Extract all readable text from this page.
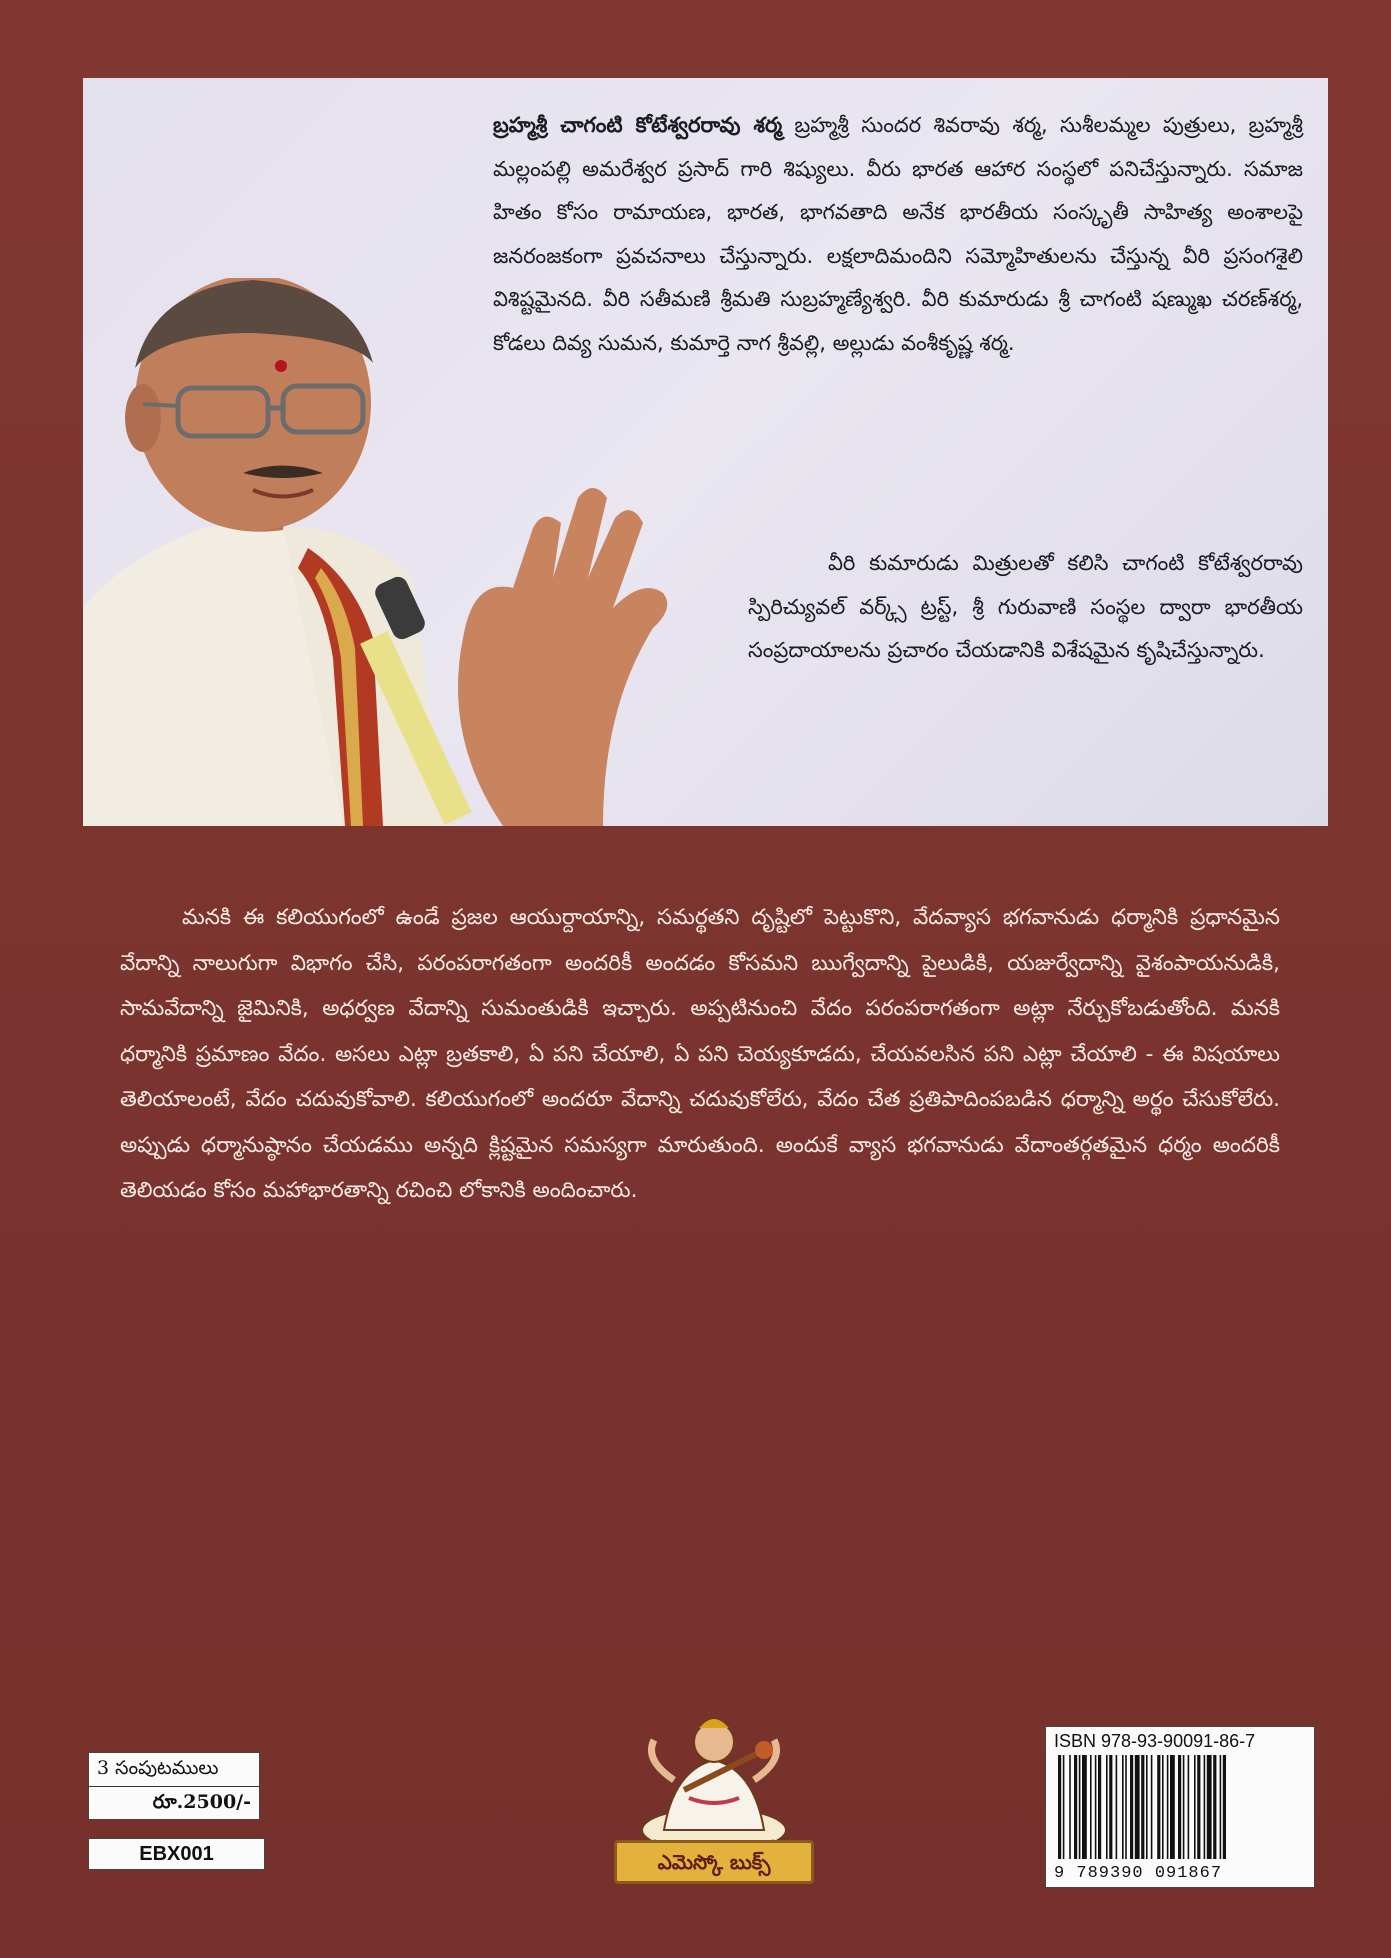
బ్రహ్మశ్రీ చాగంటి కోటేశ్వరరావు శర్మ బ్రహ్మశ్రీ సుందర శివరావు శర్మ, సుశీలమ్మల పుత్రులు, బ్రహ్మశ్రీ మల్లంపల్లి అమరేశ్వర ప్రసాద్ గారి శిష్యులు. వీరు భారత ఆహార సంస్థలో పనిచేస్తున్నారు. సమాజ హితం కోసం రామాయణ, భారత, భాగవతాది అనేక భారతీయ సంస్కృతీ సాహిత్య అంశాలపై జనరంజకంగా ప్రవచనాలు చేస్తున్నారు. లక్షలాదిమందిని సమ్మోహితులను చేస్తున్న వీరి ప్రసంగశైలి విశిష్టమైనది. వీరి సతీమణి శ్రీమతి సుబ్రహ్మణ్యేశ్వరి. వీరి కుమారుడు శ్రీ చాగంటి షణ్ముఖ చరణ్‌శర్మ, కోడలు దివ్య సుమన, కుమార్తె నాగ శ్రీవల్లి, అల్లుడు వంశీకృష్ణ శర్మ.
వీరి కుమారుడు మిత్రులతో కలిసి చాగంటి కోటేశ్వరరావు స్పిరిచ్యువల్ వర్క్స్ ట్రస్ట్, శ్రీ గురువాణి సంస్థల ద్వారా భారతీయ సంప్రదాయాలను ప్రచారం చేయడానికి విశేషమైన కృషిచేస్తున్నారు.
మనకి ఈ కలియుగంలో ఉండే ప్రజల ఆయుర్దాయాన్ని, సమర్థతని దృష్టిలో పెట్టుకొని, వేదవ్యాస భగవానుడు ధర్మానికి ప్రధానమైన వేదాన్ని నాలుగుగా విభాగం చేసి, పరంపరాగతంగా అందరికీ అందడం కోసమని ఋగ్వేదాన్ని పైలుడికి, యజుర్వేదాన్ని వైశంపాయనుడికి, సామవేదాన్ని జైమినికి, అధర్వణ వేదాన్ని సుమంతుడికి ఇచ్చారు. అప్పటినుంచి వేదం పరంపరాగతంగా అట్లా నేర్చుకోబడుతోంది. మనకి ధర్మానికి ప్రమాణం వేదం. అసలు ఎట్లా బ్రతకాలి, ఏ పని చేయాలి, ఏ పని చెయ్యకూడదు, చేయవలసిన పని ఎట్లా చేయాలి - ఈ విషయాలు తెలియాలంటే, వేదం చదువుకోవాలి. కలియుగంలో అందరూ వేదాన్ని చదువుకోలేరు, వేదం చేత ప్రతిపాదింపబడిన ధర్మాన్ని అర్థం చేసుకోలేరు. అప్పుడు ధర్మానుష్ఠానం చేయడము అన్నది క్లిష్టమైన సమస్యగా మారుతుంది. అందుకే వ్యాస భగవానుడు వేదాంతర్గతమైన ధర్మం అందరికీ తెలియడం కోసం మహాభారతాన్ని రచించి లోకానికి అందించారు.
3 సంపుటములు
రూ.2500/-
EBX001	ఎమెస్కో బుక్స్
ISBN 978-93-90091-86-7
9 789390 091867
